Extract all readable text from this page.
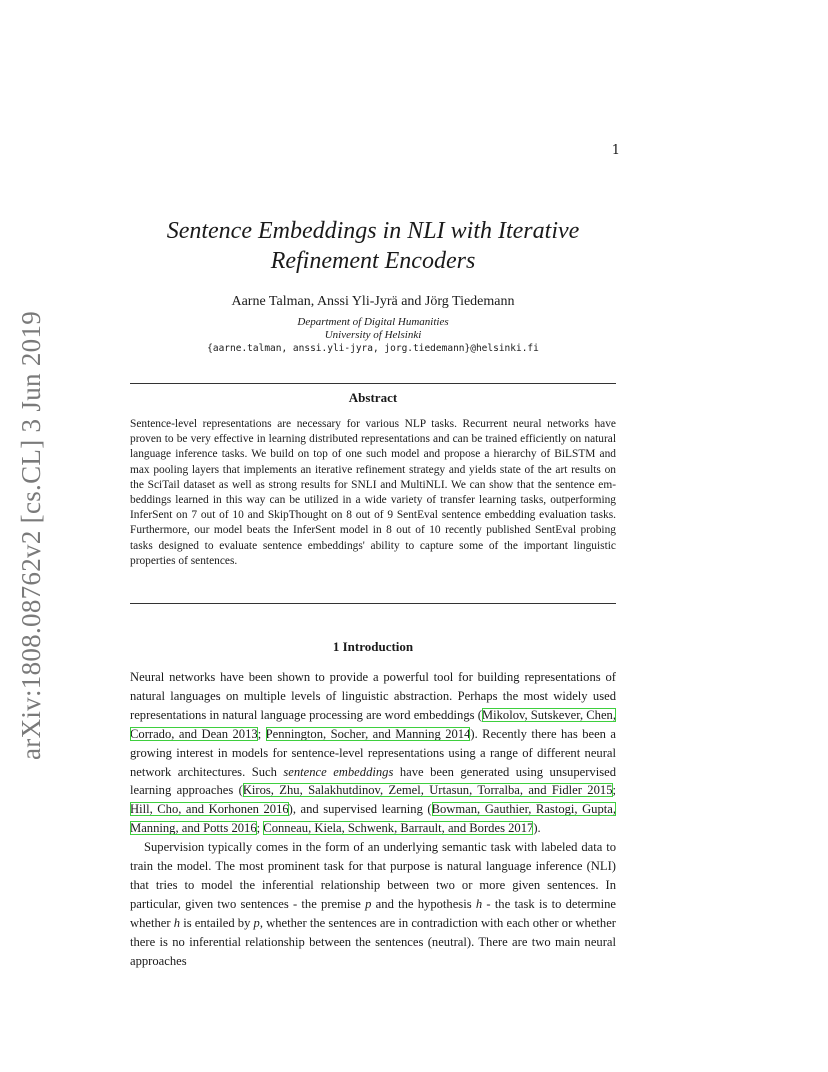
1
arXiv:1808.08762v2 [cs.CL] 3 Jun 2019
Sentence Embeddings in NLI with Iterative
Refinement Encoders
Aarne Talman, Anssi Yli-Jyrä and Jörg Tiedemann
Department of Digital Humanities
University of Helsinki
{aarne.talman, anssi.yli-jyra, jorg.tiedemann}@helsinki.fi
Abstract
Sentence-level representations are necessary for various NLP tasks. Recurrent neural networks have proven to be very effective in learning distributed representations and can be trained efficiently on natural language inference tasks. We build on top of one such model and propose a hierarchy of BiLSTM and max pooling layers that implements an iterative refinement strategy and yields state of the art results on the SciTail dataset as well as strong results for SNLI and MultiNLI. We can show that the sentence embeddings learned in this way can be utilized in a wide variety of transfer learning tasks, outperforming InferSent on 7 out of 10 and SkipThought on 8 out of 9 SentEval sentence embedding evaluation tasks. Furthermore, our model beats the InferSent model in 8 out of 10 recently published SentEval probing tasks designed to evaluate sentence embeddings' ability to capture some of the important linguistic properties of sentences.
1 Introduction

Neural networks have been shown to provide a powerful tool for building representations of natural languages on multiple levels of linguistic abstraction. Perhaps the most widely used representations in natural language processing are word embeddings (Mikolov, Sutskever, Chen, Corrado, and Dean 2013; Pennington, Socher, and Manning 2014). Recently there has been a growing interest in models for sentence-level representations using a range of different neural network architectures. Such sentence embeddings have been generated using unsupervised learning approaches (Kiros, Zhu, Salakhutdinov, Zemel, Urtasun, Torralba, and Fidler 2015; Hill, Cho, and Korhonen 2016), and supervised learning (Bowman, Gauthier, Rastogi, Gupta, Manning, and Potts 2016; Conneau, Kiela, Schwenk, Barrault, and Bordes 2017).

Supervision typically comes in the form of an underlying semantic task with labeled data to train the model. The most prominent task for that purpose is natural language inference (NLI) that tries to model the inferential relationship between two or more given sentences. In particular, given two sentences - the premise p and the hypothesis h - the task is to determine whether h is entailed by p, whether the sentences are in contradiction with each other or whether there is no inferential relationship between the sentences (neutral). There are two main neural approaches
